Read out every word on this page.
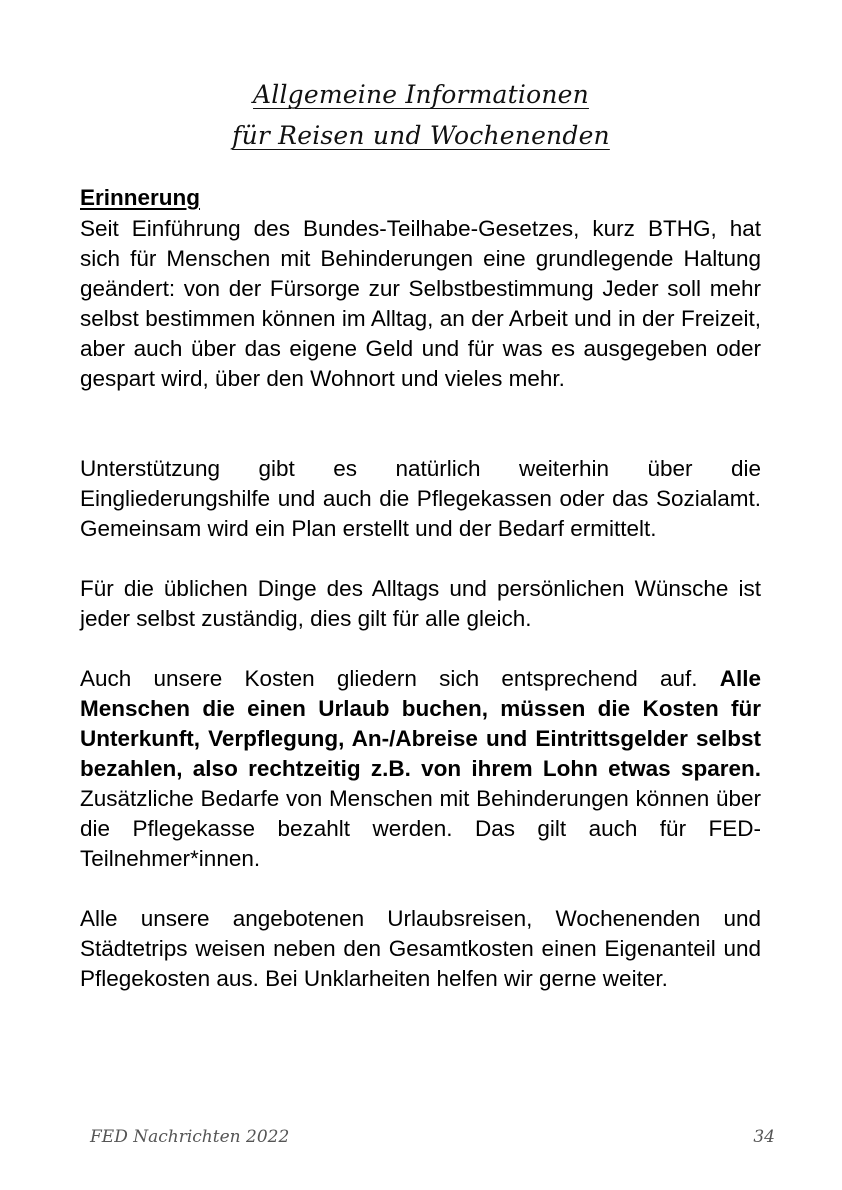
Allgemeine Informationen
für Reisen und Wochenenden
Erinnerung

Seit Einführung des Bundes-Teilhabe-Gesetzes, kurz BTHG, hat sich für Menschen mit Behinderungen eine grundlegende Haltung geändert: von der Fürsorge zur Selbstbestimmung Jeder soll mehr selbst bestimmen können im Alltag, an der Arbeit und in der Freizeit, aber auch über das eigene Geld und für was es ausgegeben oder gespart wird, über den Wohnort und vieles mehr.

Unterstützung gibt es natürlich weiterhin über die Eingliederungshilfe und auch die Pflegekassen oder das Sozialamt. Gemeinsam wird ein Plan erstellt und der Bedarf ermittelt.

Für die üblichen Dinge des Alltags und persönlichen Wünsche ist jeder selbst zuständig, dies gilt für alle gleich.

Auch unsere Kosten gliedern sich entsprechend auf. Alle Menschen die einen Urlaub buchen, müssen die Kosten für Unterkunft, Verpflegung, An-/Abreise und Eintrittsgelder selbst bezahlen, also rechtzeitig z.B. von ihrem Lohn etwas sparen. Zusätzliche Bedarfe von Menschen mit Behinderungen können über die Pflegekasse bezahlt werden. Das gilt auch für FED-Teilnehmer*innen.

Alle unsere angebotenen Urlaubsreisen, Wochenenden und Städtetrips weisen neben den Gesamtkosten einen Eigenanteil und Pflegekosten aus. Bei Unklarheiten helfen wir gerne weiter.

FED Nachrichten 2022	34
